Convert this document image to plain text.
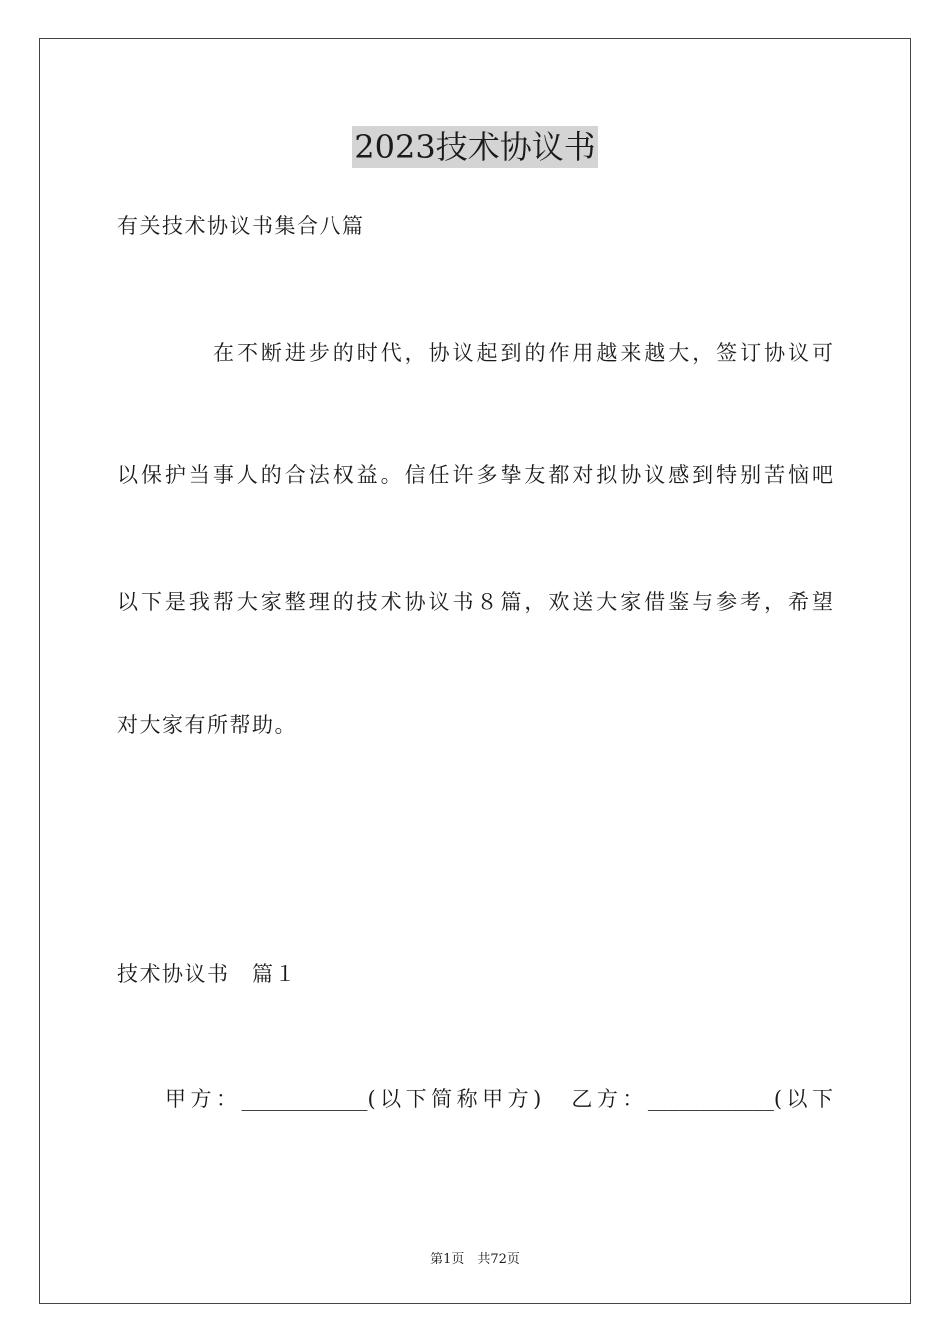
2023技术协议书
有关技术协议书集合八篇
在不断进步的时代，协议起到的作用越来越大，签订协议可
以保护当事人的合法权益。信任许多挚友都对拟协议感到特别苦恼吧
以下是我帮大家整理的技术协议书８篇，欢送大家借鉴与参考，希望
对大家有所帮助。
技术协议书　篇１
甲方：____________(以下简称甲方)　乙方：____________(以下
第1页　共72页
